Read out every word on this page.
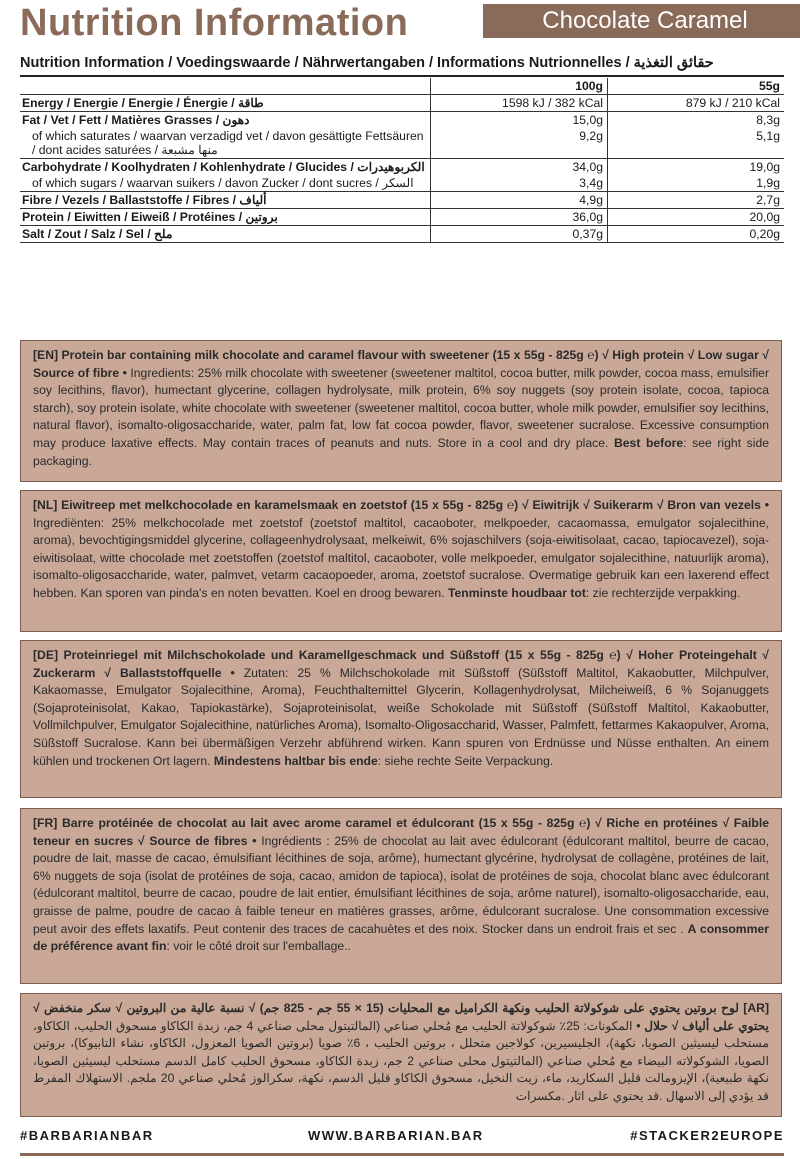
Nutrition Information	Chocolate Caramel
Nutrition Information / Voedingswaarde / Nährwertangaben / Informations Nutrionnelles / حقائق التغذية
	100g	55g
Energy / Energie / Energie / Énergie / طاقة	1598 kJ / 382 kCal	879 kJ / 210 kCal
Fat / Vet / Fett / Matières Grasses / دهون	15,0g	8,3g
of which saturates / waarvan verzadigd vet / davon gesättigte Fettsäuren / dont acides saturées / منها مشبعة	9,2g	5,1g
Carbohydrate / Koolhydraten / Kohlenhydrate / Glucides / الكربوهيدرات	34,0g	19,0g
of which sugars / waarvan suikers / davon Zucker / dont sucres / السكر	3,4g	1,9g
Fibre / Vezels / Ballaststoffe / Fibres / ألياف	4,9g	2,7g
Protein / Eiwitten / Eiweiß / Protéines / بروتين	36,0g	20,0g
Salt / Zout / Salz / Sel / ملح	0,37g	0,20g
[EN] Protein bar containing milk chocolate and caramel flavour with sweetener (15 x 55g - 825g ℮) √ High protein √ Low sugar √ Source of fibre • Ingredients: 25% milk chocolate with sweetener (sweetener maltitol, cocoa butter, milk powder, cocoa mass, emulsifier soy lecithins, flavor), humectant glycerine, collagen hydrolysate, milk protein, 6% soy nuggets (soy protein isolate, cocoa, tapioca starch), soy protein isolate, white chocolate with sweetener (sweetener maltitol, cocoa butter, whole milk powder, emulsifier soy lecithins, natural flavor), isomalto-oligosaccharide, water, palm fat, low fat cocoa powder, flavor, sweetener sucralose. Excessive consumption may produce laxative effects. May contain traces of peanuts and nuts. Store in a cool and dry place. Best before: see right side packaging.
[NL] Eiwitreep met melkchocolade en karamelsmaak en zoetstof (15 x 55g - 825g ℮) √ Eiwitrijk √ Suikerarm √ Bron van vezels • Ingrediënten: 25% melkchocolade met zoetstof (zoetstof maltitol, cacaoboter, melkpoeder, cacaomassa, emulgator sojalecithine, aroma), bevochtigingsmiddel glycerine, collageenhydrolysaat, melkeiwit, 6% sojaschilvers (soja-eiwitisolaat, cacao, tapiocavezel), soja-eiwitisolaat, witte chocolade met zoetstoffen (zoetstof maltitol, cacaoboter, volle melkpoeder, emulgator sojalecithine, natuurlijk aroma), isomalto-oligosaccharide, water, palmvet, vetarm cacaopoeder, aroma, zoetstof sucralose. Overmatige gebruik kan een laxerend effect hebben. Kan sporen van pinda's en noten bevatten. Koel en droog bewaren. Tenminste houdbaar tot: zie rechterzijde verpakking.
[DE] Proteinriegel mit Milchschokolade und Karamellgeschmack und Süßstoff (15 x 55g - 825g ℮) √ Hoher Proteingehalt √ Zuckerarm √ Ballaststoffquelle • Zutaten: 25 % Milchschokolade mit Süßstoff (Süßstoff Maltitol, Kakaobutter, Milchpulver, Kakaomasse, Emulgator Sojalecithine, Aroma), Feuchthaltemittel Glycerin, Kollagenhydrolysat, Milcheiweiß, 6 % Sojanuggets (Sojaproteinisolat, Kakao, Tapiokastärke), Sojaproteinisolat, weiße Schokolade mit Süßstoff (Süßstoff Maltitol, Kakaobutter, Vollmilchpulver, Emulgator Sojalecithine, natürliches Aroma), Isomalto-Oligosaccharid, Wasser, Palmfett, fettarmes Kakaopulver, Aroma, Süßstoff Sucralose. Kann bei übermäßigen Verzehr abführend wirken. Kann spuren von Erdnüsse und Nüsse enthalten. An einem kühlen und trockenen Ort lagern. Mindestens haltbar bis ende: siehe rechte Seite Verpackung.
[FR] Barre protéinée de chocolat au lait avec arome caramel et édulcorant (15 x 55g - 825g ℮) √ Riche en protéines √ Faible teneur en sucres √ Source de fibres • Ingrédients : 25% de chocolat au lait avec édulcorant (édulcorant maltitol, beurre de cacao, poudre de lait, masse de cacao, émulsifiant lécithines de soja, arôme), humectant glycérine, hydrolysat de collagène, protéines de lait, 6% nuggets de soja (isolat de protéines de soja, cacao, amidon de tapioca), isolat de protéines de soja, chocolat blanc avec édulcorant (édulcorant maltitol, beurre de cacao, poudre de lait entier, émulsifiant lécithines de soja, arôme naturel), isomalto-oligosaccharide, eau, graisse de palme, poudre de cacao à faible teneur en matières grasses, arôme, édulcorant sucralose. Une consommation excessive peut avoir des effets laxatifs. Peut contenir des traces de cacahuètes et des noix. Stocker dans un endroit frais et sec . A consommer de préférence avant fin: voir le côté droit sur l'emballage..
[AR] لوح بروتين يحتوي على شوكولاتة الحليب ونكهة الكراميل مع المحليات (15 × 55 جم - 825 جم) √ نسبة عالية من البروتين √ سكر منخفض √ يحتوي على ألياف √ حلال • المكونات: 25٪ شوكولاتة الحليب مع مُحلي صناعي (المالتيتول محلى صناعي 4 جم، زبدة الكاكاو مسحوق الحليب، الكاكاو، مستحلب ليسيثين الصويا، نكهة)، الجليسيرين، كولاجين متحلل ، بروتين الحليب ، 6٪ صويا (بروتين الصويا المعزول، الكاكاو، نشاء التابيوكا)، بروتين الصويا، الشوكولاته البيضاء مع مُحلي صناعي (المالتيتول محلى صناعي 2 جم، زبدة الكاكاو، مسحوق الحليب كامل الدسم مستحلب ليسيثين الصويا، نكهة طبيعية)، الإيزومالت قليل السكاريد، ماء، زيت النخيل، مسحوق الكاكاو قليل الدسم، نكهة، سكرالوز مُحلي صناعي 20 ملجم. الاستهلاك المفرط قد يؤدي إلى الاسهال .قد يحتوي على اثار .مكسرات
#BARBARIANBAR	WWW.BARBARIAN.BAR	#STACKER2EUROPE
